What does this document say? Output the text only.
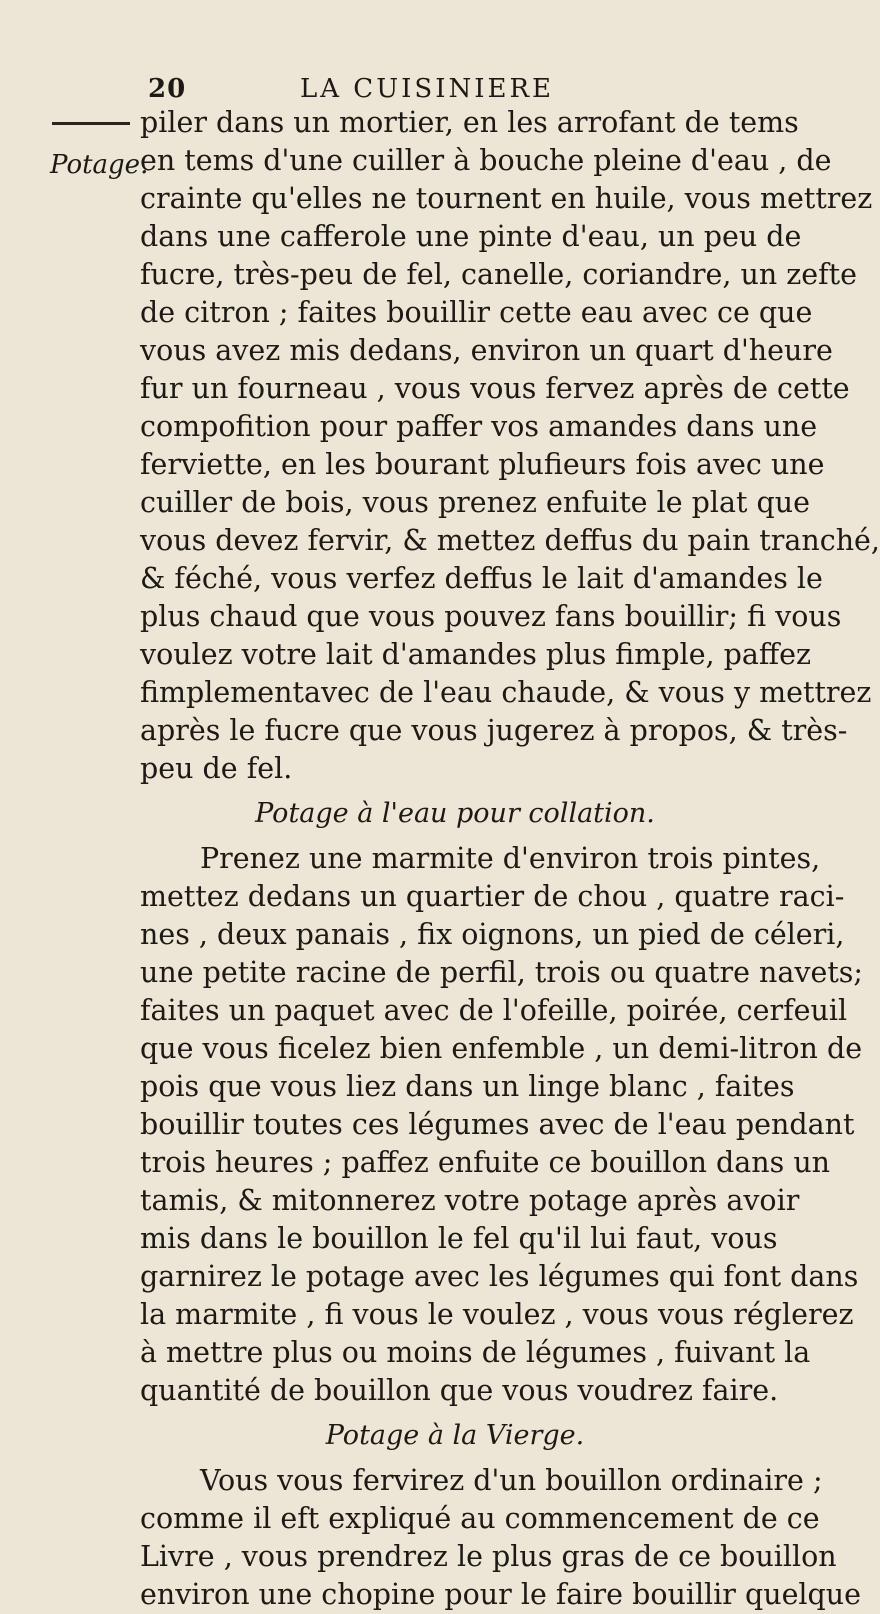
20	LA CUISINIERE
Potage.

piler dans un mortier, en les arrofant de tems
en tems d'une cuiller à bouche pleine d'eau , de
crainte qu'elles ne tournent en huile, vous mettrez
dans une cafferole une pinte d'eau, un peu de
fucre, très-peu de fel, canelle, coriandre, un zefte
de citron ; faites bouillir cette eau avec ce que
vous avez mis dedans, environ un quart d'heure
fur un fourneau , vous vous fervez après de cette
compofition pour paffer vos amandes dans une
ferviette, en les bourant plufieurs fois avec une
cuiller de bois, vous prenez enfuite le plat que
vous devez fervir, & mettez deffus du pain tranché,
& féché, vous verfez deffus le lait d'amandes le
plus chaud que vous pouvez fans bouillir; fi vous
voulez votre lait d'amandes plus fimple, paffez
fimplementavec de l'eau chaude, & vous y mettrez
après le fucre que vous jugerez à propos, & très-
peu de fel.

Potage à l'eau pour collation.

Prenez une marmite d'environ trois pintes,
mettez dedans un quartier de chou , quatre raci-
nes , deux panais , fix oignons, un pied de céleri,
une petite racine de perfil, trois ou quatre navets;
faites un paquet avec de l'ofeille, poirée, cerfeuil
que vous ficelez bien enfemble , un demi-litron de
pois que vous liez dans un linge blanc , faites
bouillir toutes ces légumes avec de l'eau pendant
trois heures ; paffez enfuite ce bouillon dans un
tamis, & mitonnerez votre potage après avoir
mis dans le bouillon le fel qu'il lui faut, vous
garnirez le potage avec les légumes qui font dans
la marmite , fi vous le voulez , vous vous réglerez
à mettre plus ou moins de légumes , fuivant la
quantité de bouillon que vous voudrez faire.

Potage à la Vierge.

Vous vous fervirez d'un bouillon ordinaire ;
comme il eft expliqué au commencement de ce
Livre , vous prendrez le plus gras de ce bouillon
environ une chopine pour le faire bouillir quelque
